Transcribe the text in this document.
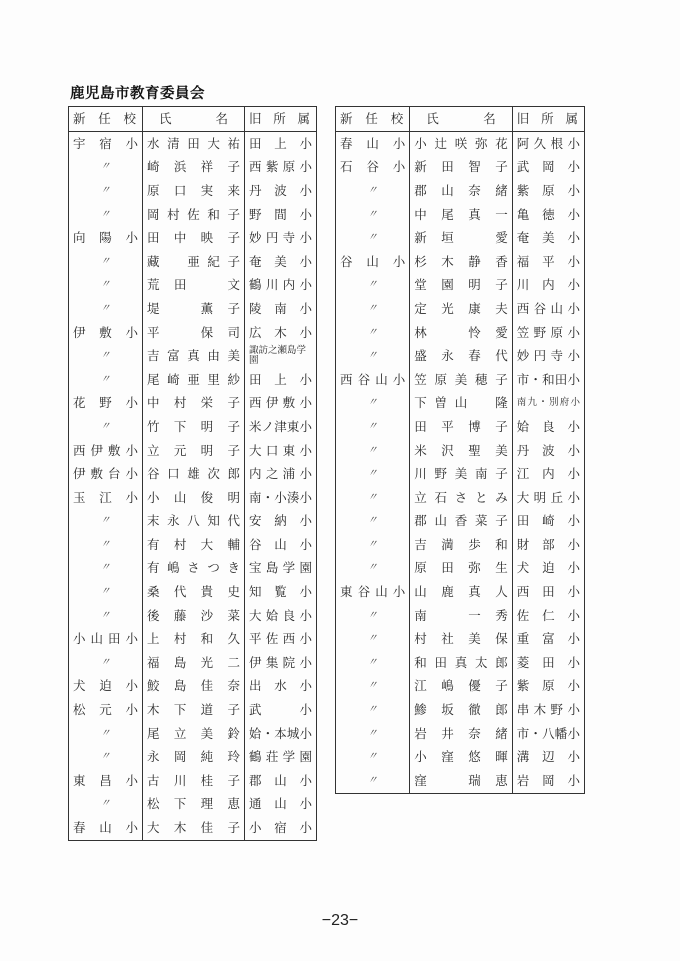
鹿児島市教育委員会
新任校	氏　名	旧所属
宇宿小	水清田大祐	田上小
〃	崎浜祥子	西紫原小
〃	原口実来	丹波小
〃	岡村佐和子	野間小
向陽小	田中映子	妙円寺小
〃	藏　亜紀子	奄美小
〃	荒田　文	鶴川内小
〃	堤　薫子	陵南小
伊敷小	平　保司	広木小
〃	吉富真由美	諏訪之瀬島学園
〃	尾崎亜里紗	田上小
花野小	中村栄子	西伊敷小
〃	竹下明子	米ノ津東小
西伊敷小	立元明子	大口東小
伊敷台小	谷口雄次郎	内之浦小
玉江小	小山俊明	南・小湊小
〃	末永八知代	安納小
〃	有村大輔	谷山小
〃	有嶋さつき	宝島学園
〃	桑代貴史	知覧小
〃	後藤沙菜	大姶良小
小山田小	上村和久	平佐西小
〃	福島光二	伊集院小
犬迫小	鮫島佳奈	出水小
松元小	木下道子	武　小
〃	尾立美鈴	姶・本城小
〃	永岡純玲	鶴荘学園
東昌小	古川桂子	郡山小
〃	松下理恵	通山小
春山小	大木佳子	小宿小
新任校	氏　名	旧所属
春山小	小辻咲弥花	阿久根小
石谷小	新田智子	武岡小
〃	郡山奈緒	紫原小
〃	中尾真一	亀徳小
〃	新垣　愛	奄美小
谷山小	杉木静香	福平小
〃	堂園明子	川内小
〃	定光康夫	西谷山小
〃	林　怜愛	笠野原小
〃	盛永春代	妙円寺小
西谷山小	笠原美穂子	市・和田小
〃	下曽山　隆	南九・別府小
〃	田平博子	姶良小
〃	米沢聖美	丹波小
〃	川野美南子	江内小
〃	立石さとみ	大明丘小
〃	郡山香菜子	田崎小
〃	吉満歩和	財部小
〃	原田弥生	犬迫小
東谷山小	山鹿真人	西田小
〃	南　一秀	佐仁小
〃	村社美保	重富小
〃	和田真太郎	菱田小
〃	江嶋優子	紫原小
〃	鯵坂徹郎	串木野小
〃	岩井奈緒	市・八幡小
〃	小窪悠暉	溝辺小
〃	窪　瑞恵	岩岡小
−23−
